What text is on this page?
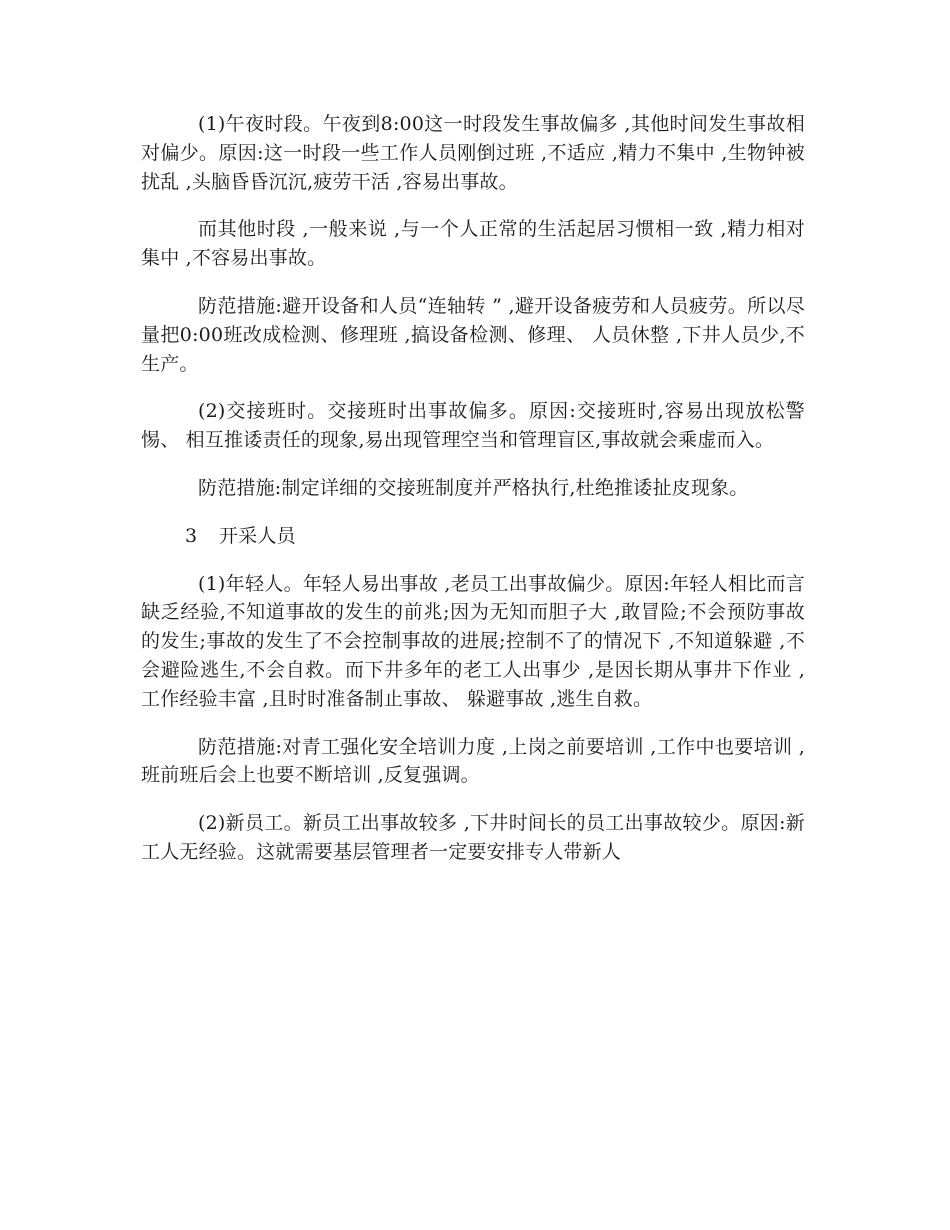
(1)午夜时段。午夜到8:00这一时段发生事故偏多 ,其他时间发生事故相对偏少。原因:这一时段一些工作人员刚倒过班 ,不适应 ,精力不集中 ,生物钟被扰乱 ,头脑昏昏沉沉,疲劳干活 ,容易出事故。

而其他时段 ,一般来说 ,与一个人正常的生活起居习惯相一致 ,精力相对集中 ,不容易出事故。

防范措施:避开设备和人员“连轴转 ” ,避开设备疲劳和人员疲劳。所以尽量把0:00班改成检测、修理班 ,搞设备检测、修理、 人员休整 ,下井人员少,不生产。

(2)交接班时。交接班时出事故偏多。原因:交接班时,容易出现放松警惕、 相互推诿责任的现象,易出现管理空当和管理盲区,事故就会乘虚而入。

防范措施:制定详细的交接班制度并严格执行,杜绝推诿扯皮现象。

3 开采人员

(1)年轻人。年轻人易出事故 ,老员工出事故偏少。原因:年轻人相比而言缺乏经验,不知道事故的发生的前兆;因为无知而胆子大 ,敢冒险;不会预防事故的发生;事故的发生了不会控制事故的进展;控制不了的情况下 ,不知道躲避 ,不会避险逃生,不会自救。而下井多年的老工人出事少 ,是因长期从事井下作业 ,工作经验丰富 ,且时时准备制止事故、 躲避事故 ,逃生自救。

防范措施:对青工强化安全培训力度 ,上岗之前要培训 ,工作中也要培训 ,班前班后会上也要不断培训 ,反复强调。

(2)新员工。新员工出事故较多 ,下井时间长的员工出事故较少。原因:新工人无经验。这就需要基层管理者一定要安排专人带新人
